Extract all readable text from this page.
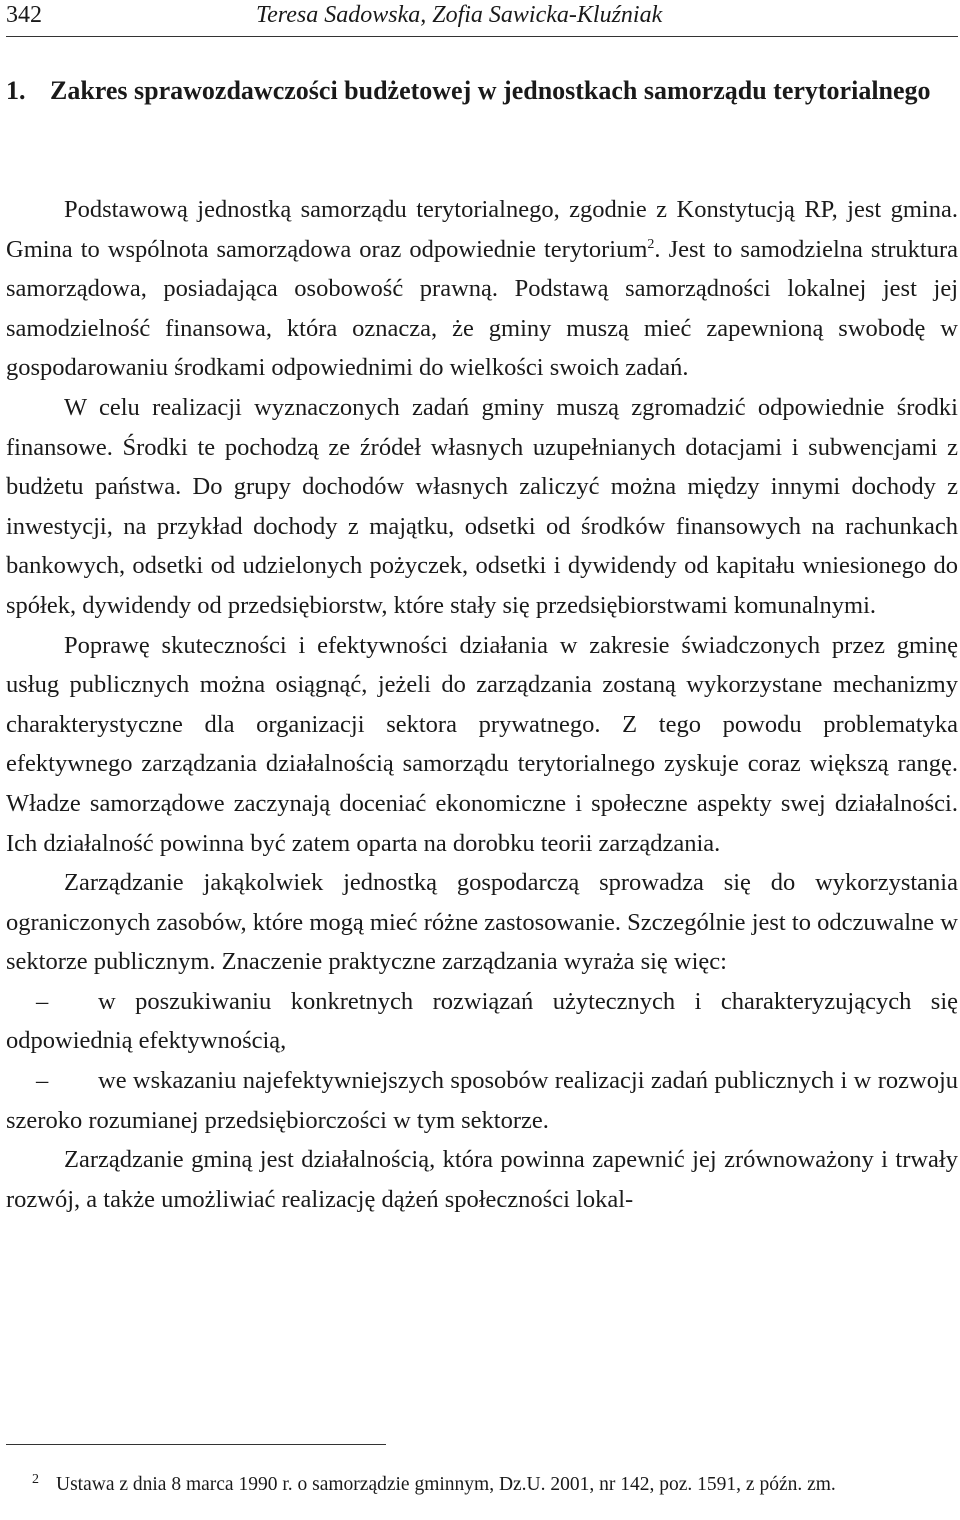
342	Teresa Sadowska, Zofia Sawicka-Kluźniak
1. Zakres sprawozdawczości budżetowej w jednostkach samorządu terytorialnego

Podstawową jednostką samorządu terytorialnego, zgodnie z Konstytucją RP, jest gmina. Gmina to wspólnota samorządowa oraz odpowiednie terytorium$^2$. Jest to samodzielna struktura samorządowa, posiadająca osobowość prawną. Podstawą samorządności lokalnej jest jej samodzielność finansowa, która oznacza, że gminy muszą mieć zapewnioną swobodę w gospodarowaniu środkami odpowiednimi do wielkości swoich zadań.

W celu realizacji wyznaczonych zadań gminy muszą zgromadzić odpowiednie środki finansowe. Środki te pochodzą ze źródeł własnych uzupełnianych dotacjami i subwencjami z budżetu państwa. Do grupy dochodów własnych zaliczyć można między innymi dochody z inwestycji, na przykład dochody z majątku, odsetki od środków finansowych na rachunkach bankowych, odsetki od udzielonych pożyczek, odsetki i dywidendy od kapitału wniesionego do spółek, dywidendy od przedsiębiorstw, które stały się przedsiębiorstwami komunalnymi.

Poprawę skuteczności i efektywności działania w zakresie świadczonych przez gminę usług publicznych można osiągnąć, jeżeli do zarządzania zostaną wykorzystane mechanizmy charakterystyczne dla organizacji sektora prywatnego. Z tego powodu problematyka efektywnego zarządzania działalnością samorządu terytorialnego zyskuje coraz większą rangę. Władze samorządowe zaczynają doceniać ekonomiczne i społeczne aspekty swej działalności. Ich działalność powinna być zatem oparta na dorobku teorii zarządzania.

Zarządzanie jakąkolwiek jednostką gospodarczą sprowadza się do wykorzystania ograniczonych zasobów, które mogą mieć różne zastosowanie. Szczególnie jest to odczuwalne w sektorze publicznym. Znaczenie praktyczne zarządzania wyraża się więc:

– w poszukiwaniu konkretnych rozwiązań użytecznych i charakteryzujących się odpowiednią efektywnością,

– we wskazaniu najefektywniejszych sposobów realizacji zadań publicznych i w rozwoju szeroko rozumianej przedsiębiorczości w tym sektorze.

Zarządzanie gminą jest działalnością, która powinna zapewnić jej zrównoważony i trwały rozwój, a także umożliwiać realizację dążeń społeczności lokal-

2 Ustawa z dnia 8 marca 1990 r. o samorządzie gminnym, Dz.U. 2001, nr 142, poz. 1591, z późn. zm.
